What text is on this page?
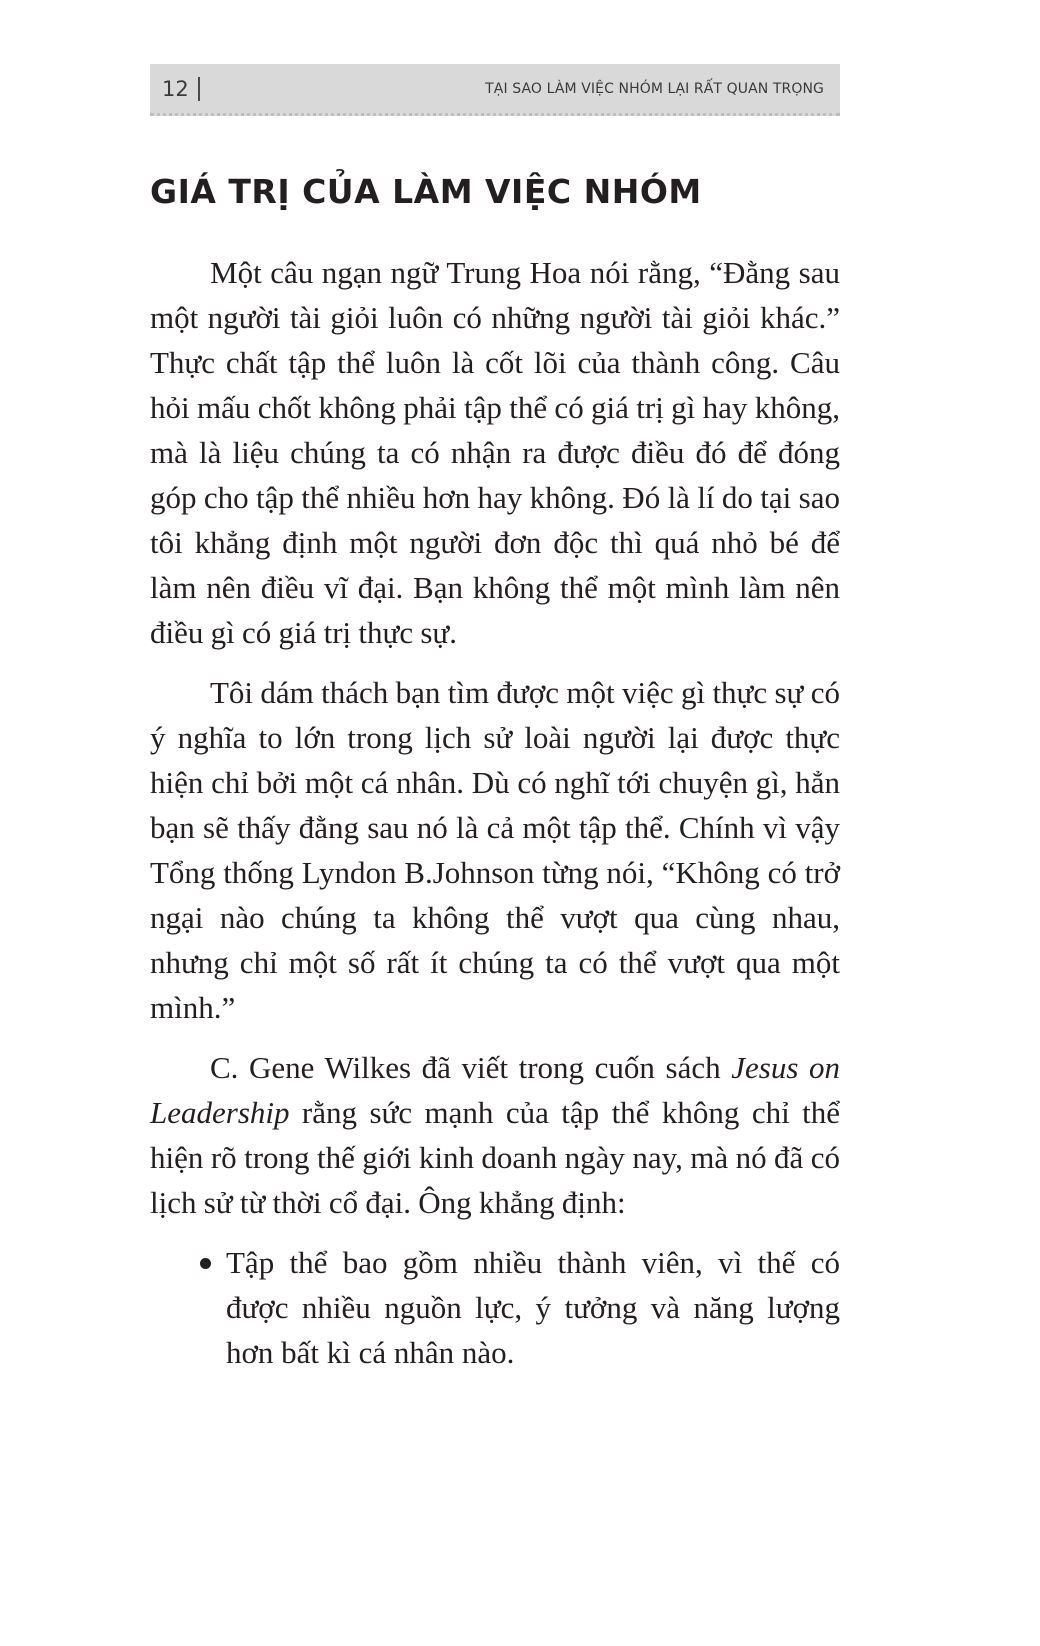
12	TẠI SAO LÀM VIỆC NHÓM LẠI RẤT QUAN TRỌNG
GIÁ TRỊ CỦA LÀM VIỆC NHÓM

Một câu ngạn ngữ Trung Hoa nói rằng, “Đằng sau một người tài giỏi luôn có những người tài giỏi khác.” Thực chất tập thể luôn là cốt lõi của thành công. Câu hỏi mấu chốt không phải tập thể có giá trị gì hay không, mà là liệu chúng ta có nhận ra được điều đó để đóng góp cho tập thể nhiều hơn hay không. Đó là lí do tại sao tôi khẳng định một người đơn độc thì quá nhỏ bé để làm nên điều vĩ đại. Bạn không thể một mình làm nên điều gì có giá trị thực sự.

Tôi dám thách bạn tìm được một việc gì thực sự có ý nghĩa to lớn trong lịch sử loài người lại được thực hiện chỉ bởi một cá nhân. Dù có nghĩ tới chuyện gì, hẳn bạn sẽ thấy đằng sau nó là cả một tập thể. Chính vì vậy Tổng thống Lyndon B.Johnson từng nói, “Không có trở ngại nào chúng ta không thể vượt qua cùng nhau, nhưng chỉ một số rất ít chúng ta có thể vượt qua một mình.”

C. Gene Wilkes đã viết trong cuốn sách Jesus on Leadership rằng sức mạnh của tập thể không chỉ thể hiện rõ trong thế giới kinh doanh ngày nay, mà nó đã có lịch sử từ thời cổ đại. Ông khẳng định:

Tập thể bao gồm nhiều thành viên, vì thế có được nhiều nguồn lực, ý tưởng và năng lượng hơn bất kì cá nhân nào.
